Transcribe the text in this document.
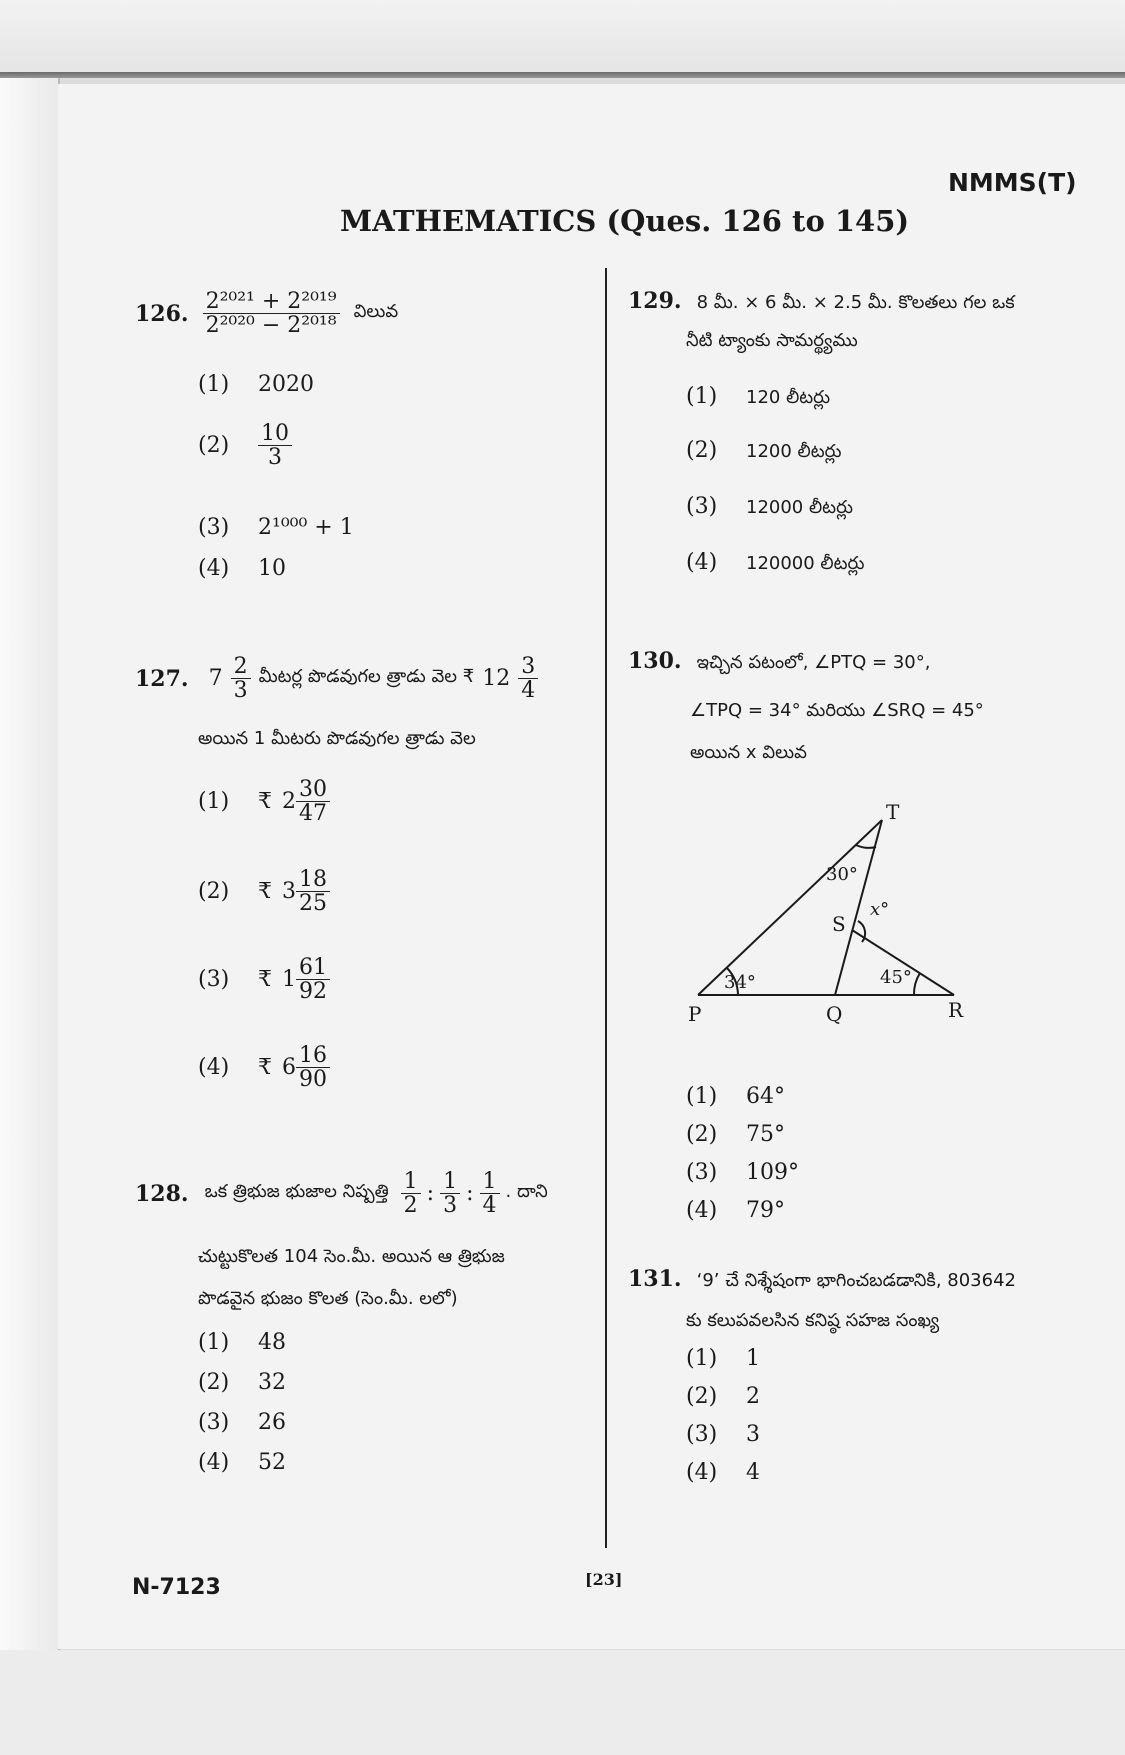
NMMS(T)
MATHEMATICS (Ques. 126 to 145)
126. $\frac{\text{2²⁰²¹ + 2²⁰¹⁹}}{\text{2²⁰²⁰ − 2²⁰¹⁸}}$ విలువ
(1) 2020
(2)	$\frac{10}{3}$
(3) 2¹⁰⁰⁰ + 1
(4) 10
127. $7 \frac{2}{3}$ మీటర్ల పొడవుగల త్రాడు వెల ₹ $12 \frac{3}{4}$
అయిన 1 మీటరు పొడవుగల త్రాడు వెల
(1)	₹ $2 \frac{30}{47}$
(2)	₹ $3 \frac{18}{25}$
(3)	₹ $1 \frac{61}{92}$
(4)	₹ $6 \frac{16}{90}$
128. ఒక త్రిభుజ భుజాల నిష్పత్తి $\frac{1}{2}$ : $\frac{1}{3}$ : $\frac{1}{4}$ . దాని
చుట్టుకొలత 104 సెం.మీ. అయిన ఆ త్రిభుజ
పొడవైన భుజం కొలత (సెం.మీ. లలో)
(1) 48
(2) 32
(3) 26
(4) 52
129. 8 మీ. × 6 మీ. × 2.5 మీ. కొలతలు గల ఒక
నీటి ట్యాంకు సామర్థ్యము
(1) 120 లీటర్లు
(2) 1200 లీటర్లు
(3) 12000 లీటర్లు
(4) 120000 లీటర్లు
130. ఇచ్చిన పటంలో, ∠PTQ = 30°,
∠TPQ = 34° మరియు ∠SRQ = 45°
అయిన x విలువ
T
S
P	Q	R
30°
x°
34°	45°
(1) 64°
(2) 75°
(3) 109°
(4) 79°
131. ‘9’ చే నిశ్శేషంగా భాగించబడడానికి, 803642
కు కలుపవలసిన కనిష్ఠ సహజ సంఖ్య
(1) 1
(2) 2
(3) 3
(4) 4
N-7123	[23]
